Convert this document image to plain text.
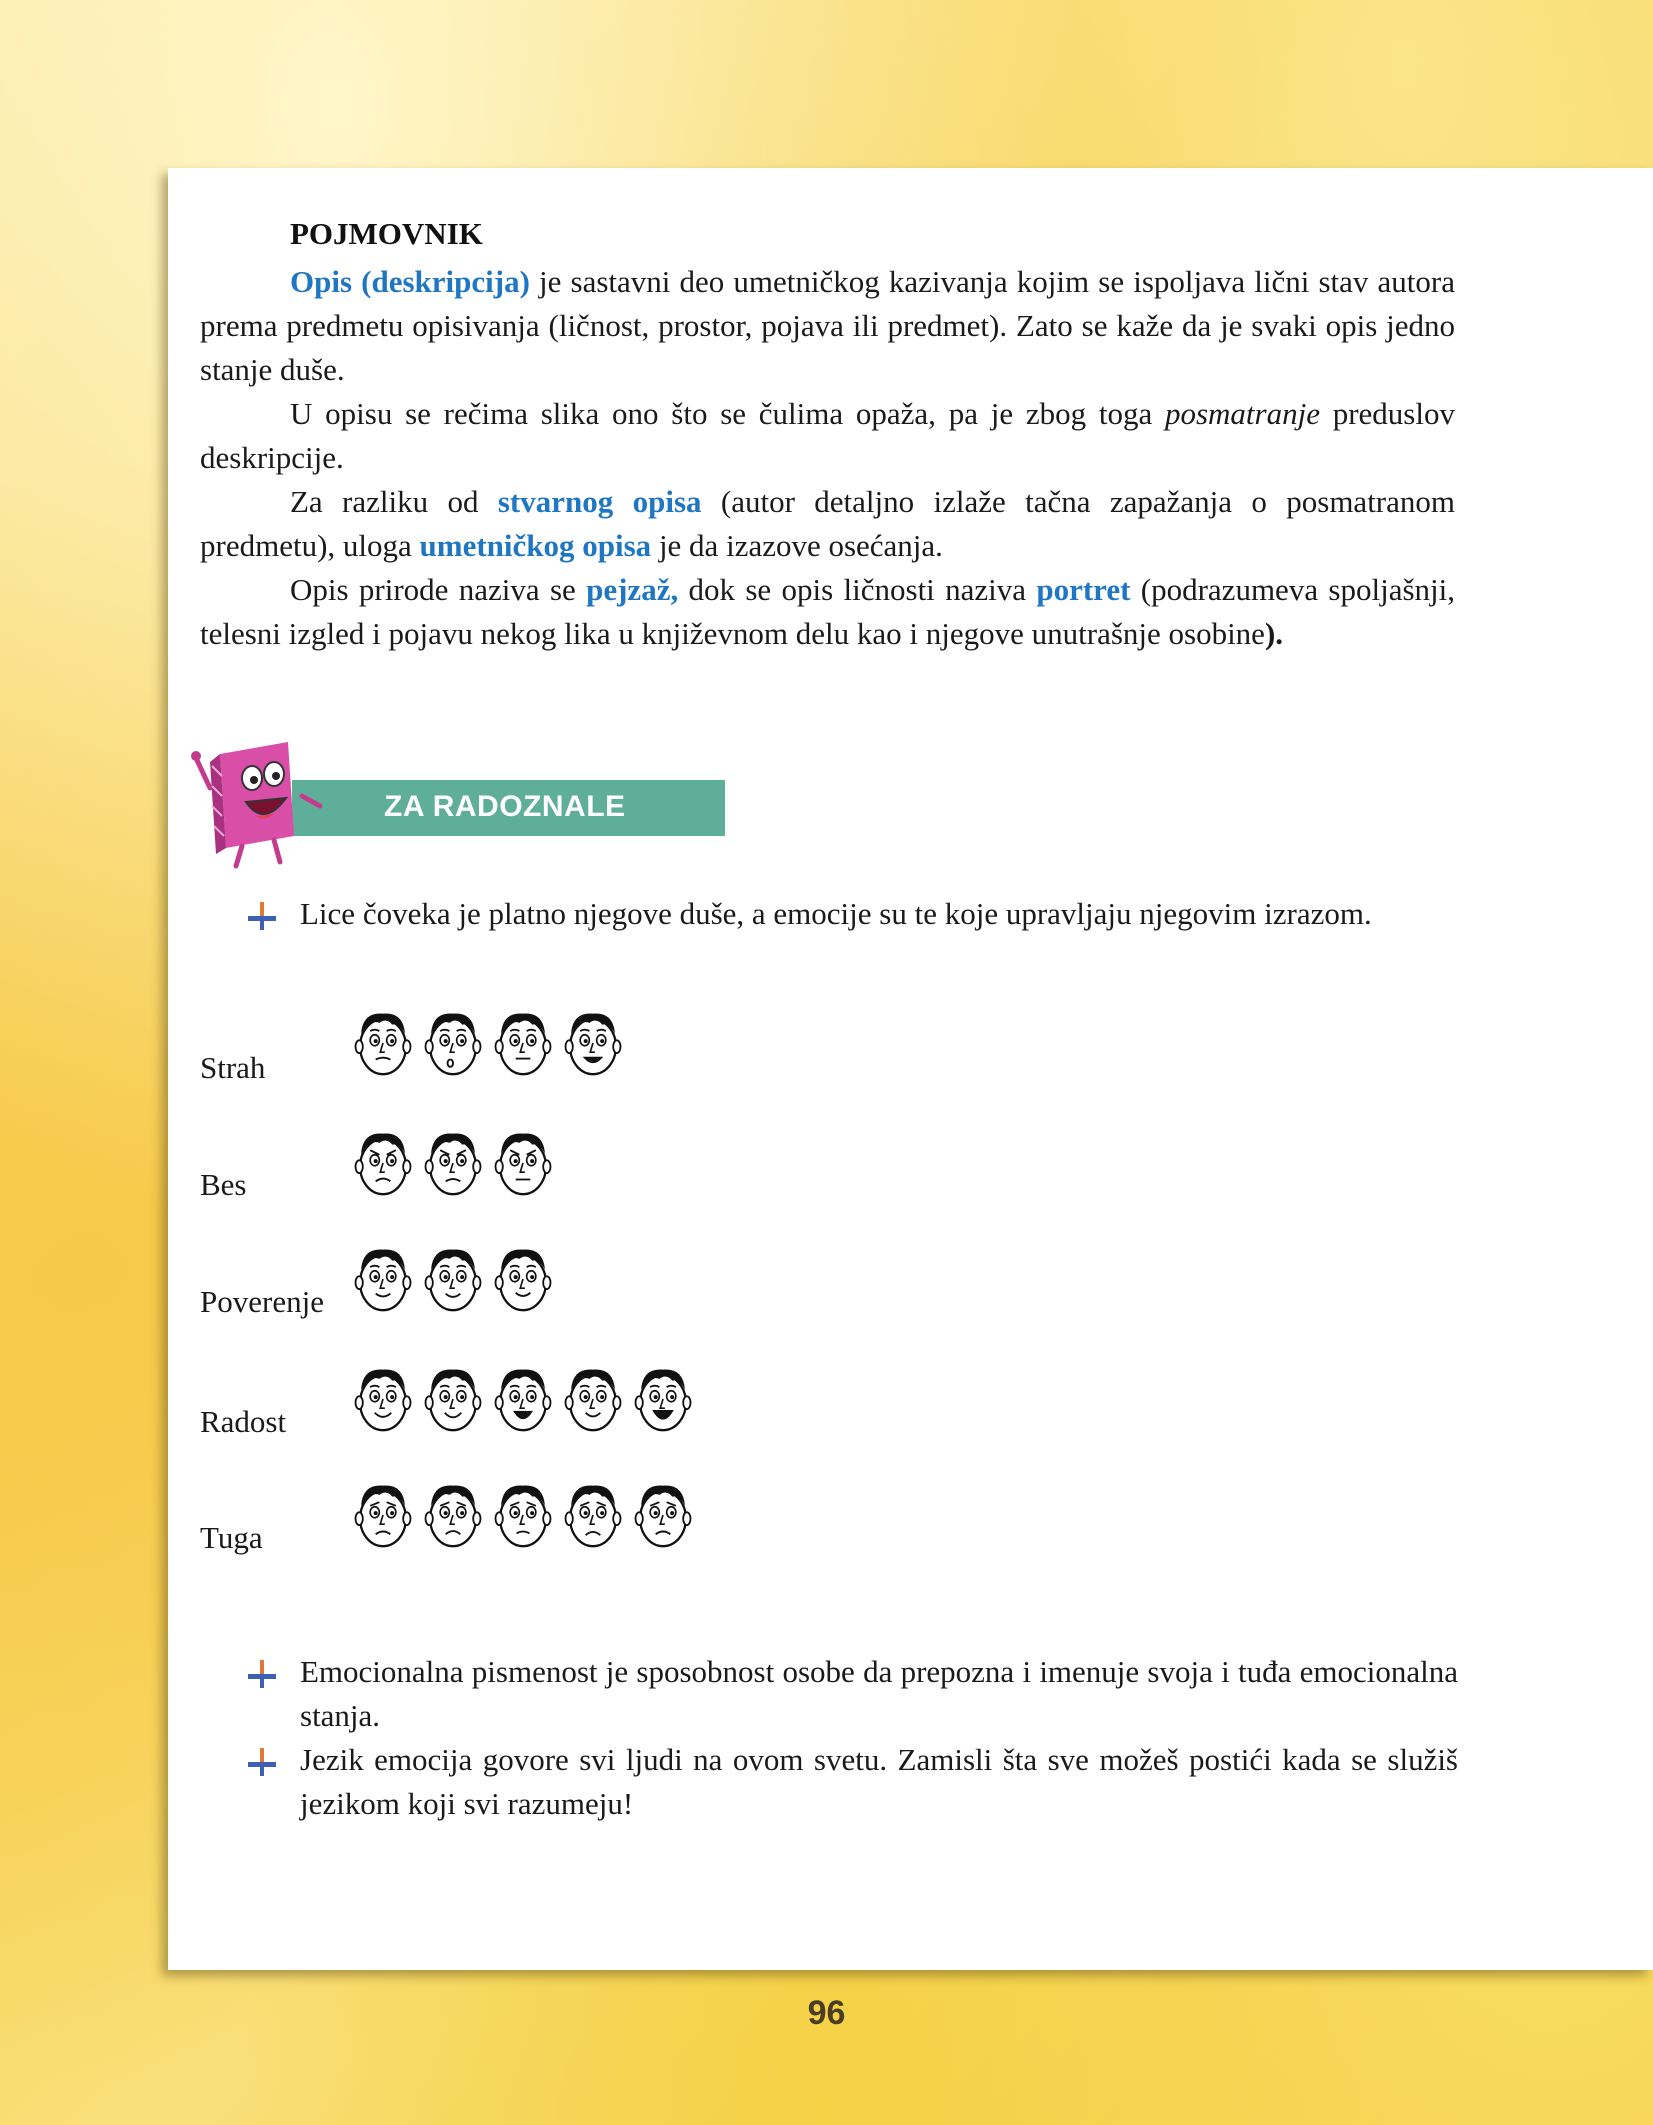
POJMOVNIK
Opis (deskripcija) je sastavni deo umetničkog kazivanja kojim se ispoljava lični stav autora prema predmetu opisivanja (ličnost, prostor, pojava ili predmet). Zato se kaže da je svaki opis jedno stanje duše.
U opisu se rečima slika ono što se čulima opaža, pa je zbog toga posmatranje preduslov deskripcije.
Za razliku od stvarnog opisa (autor detaljno izlaže tačna zapažanja o posmatranom predmetu), uloga umetničkog opisa je da izazove osećanja.
Opis prirode naziva se pejzaž, dok se opis ličnosti naziva portret (podrazumeva spoljašnji, telesni izgled i pojavu nekog lika u književnom delu kao i njegove unutrašnje osobine).
ZA RADOZNALE
Lice čoveka je platno njegove duše, a emocije su te koje upravljaju njegovim izrazom.
Strah
Bes
Poverenje
Radost
Tuga
Emocionalna pismenost je sposobnost osobe da prepozna i imenuje svoja i tuđa emocionalna stanja.
Jezik emocija govore svi ljudi na ovom svetu. Zamisli šta sve možeš postići kada se služiš jezikom koji svi razumeju!
96
